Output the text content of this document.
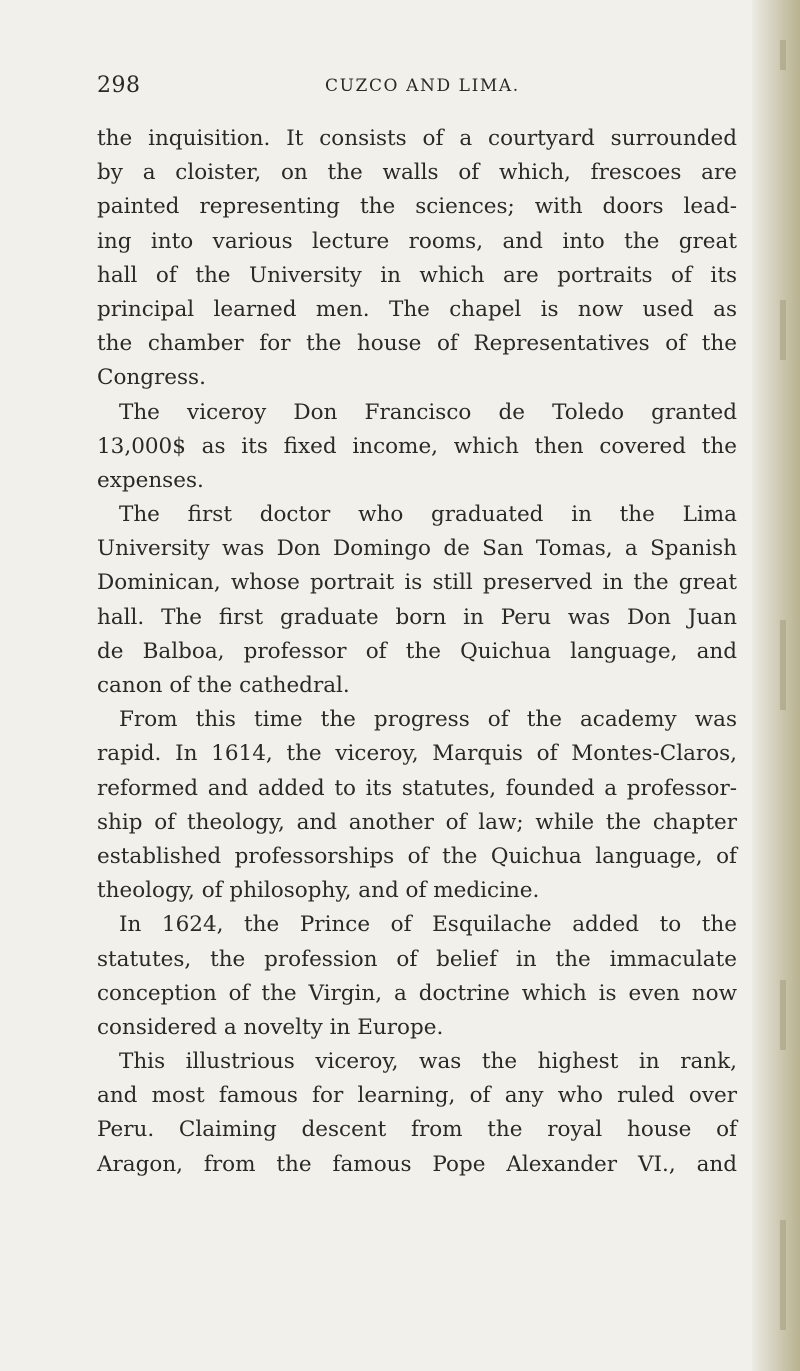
298	CUZCO AND LIMA.
the inquisition. It consists of a courtyard surrounded
by a cloister, on the walls of which, frescoes are
painted representing the sciences; with doors lead-
ing into various lecture rooms, and into the great
hall of the University in which are portraits of its
principal learned men. The chapel is now used as
the chamber for the house of Representatives of the
Congress.
The viceroy Don Francisco de Toledo granted
13,000$ as its fixed income, which then covered the
expenses.
The first doctor who graduated in the Lima
University was Don Domingo de San Tomas, a Spanish
Dominican, whose portrait is still preserved in the great
hall. The first graduate born in Peru was Don Juan
de Balboa, professor of the Quichua language, and
canon of the cathedral.
From this time the progress of the academy was
rapid. In 1614, the viceroy, Marquis of Montes-Claros,
reformed and added to its statutes, founded a professor-
ship of theology, and another of law; while the chapter
established professorships of the Quichua language, of
theology, of philosophy, and of medicine.
In 1624, the Prince of Esquilache added to the
statutes, the profession of belief in the immaculate
conception of the Virgin, a doctrine which is even now
considered a novelty in Europe.
This illustrious viceroy, was the highest in rank,
and most famous for learning, of any who ruled over
Peru. Claiming descent from the royal house of
Aragon, from the famous Pope Alexander VI., and
